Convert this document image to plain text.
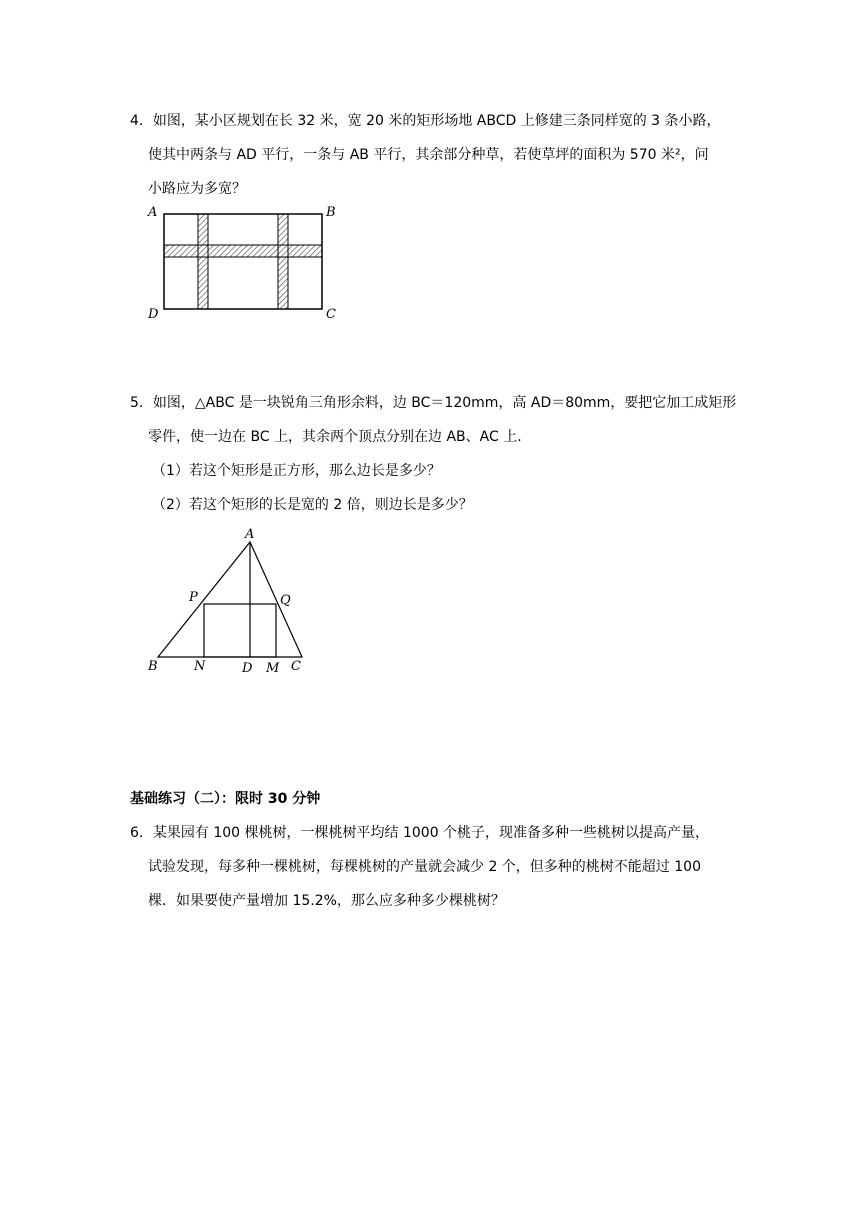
4．如图，某小区规划在长 32 米，宽 20 米的矩形场地 ABCD 上修建三条同样宽的 3 条小路，
使其中两条与 AD 平行，一条与 AB 平行，其余部分种草，若使草坪的面积为 570 米²，问
小路应为多宽？
A	B
D	C
5．如图，△ABC 是一块锐角三角形余料，边 BC＝120mm，高 AD＝80mm，要把它加工成矩形
零件，使一边在 BC 上，其余两个顶点分别在边 AB、AC 上．
（1）若这个矩形是正方形，那么边长是多少？
（2）若这个矩形的长是宽的 2 倍，则边长是多少？
A
P	Q
B	N	D M C
基础练习（二）：限时 30 分钟
6．某果园有 100 棵桃树，一棵桃树平均结 1000 个桃子，现准备多种一些桃树以提高产量，
试验发现，每多种一棵桃树，每棵桃树的产量就会减少 2 个，但多种的桃树不能超过 100
棵．如果要使产量增加 15.2%，那么应多种多少棵桃树？
